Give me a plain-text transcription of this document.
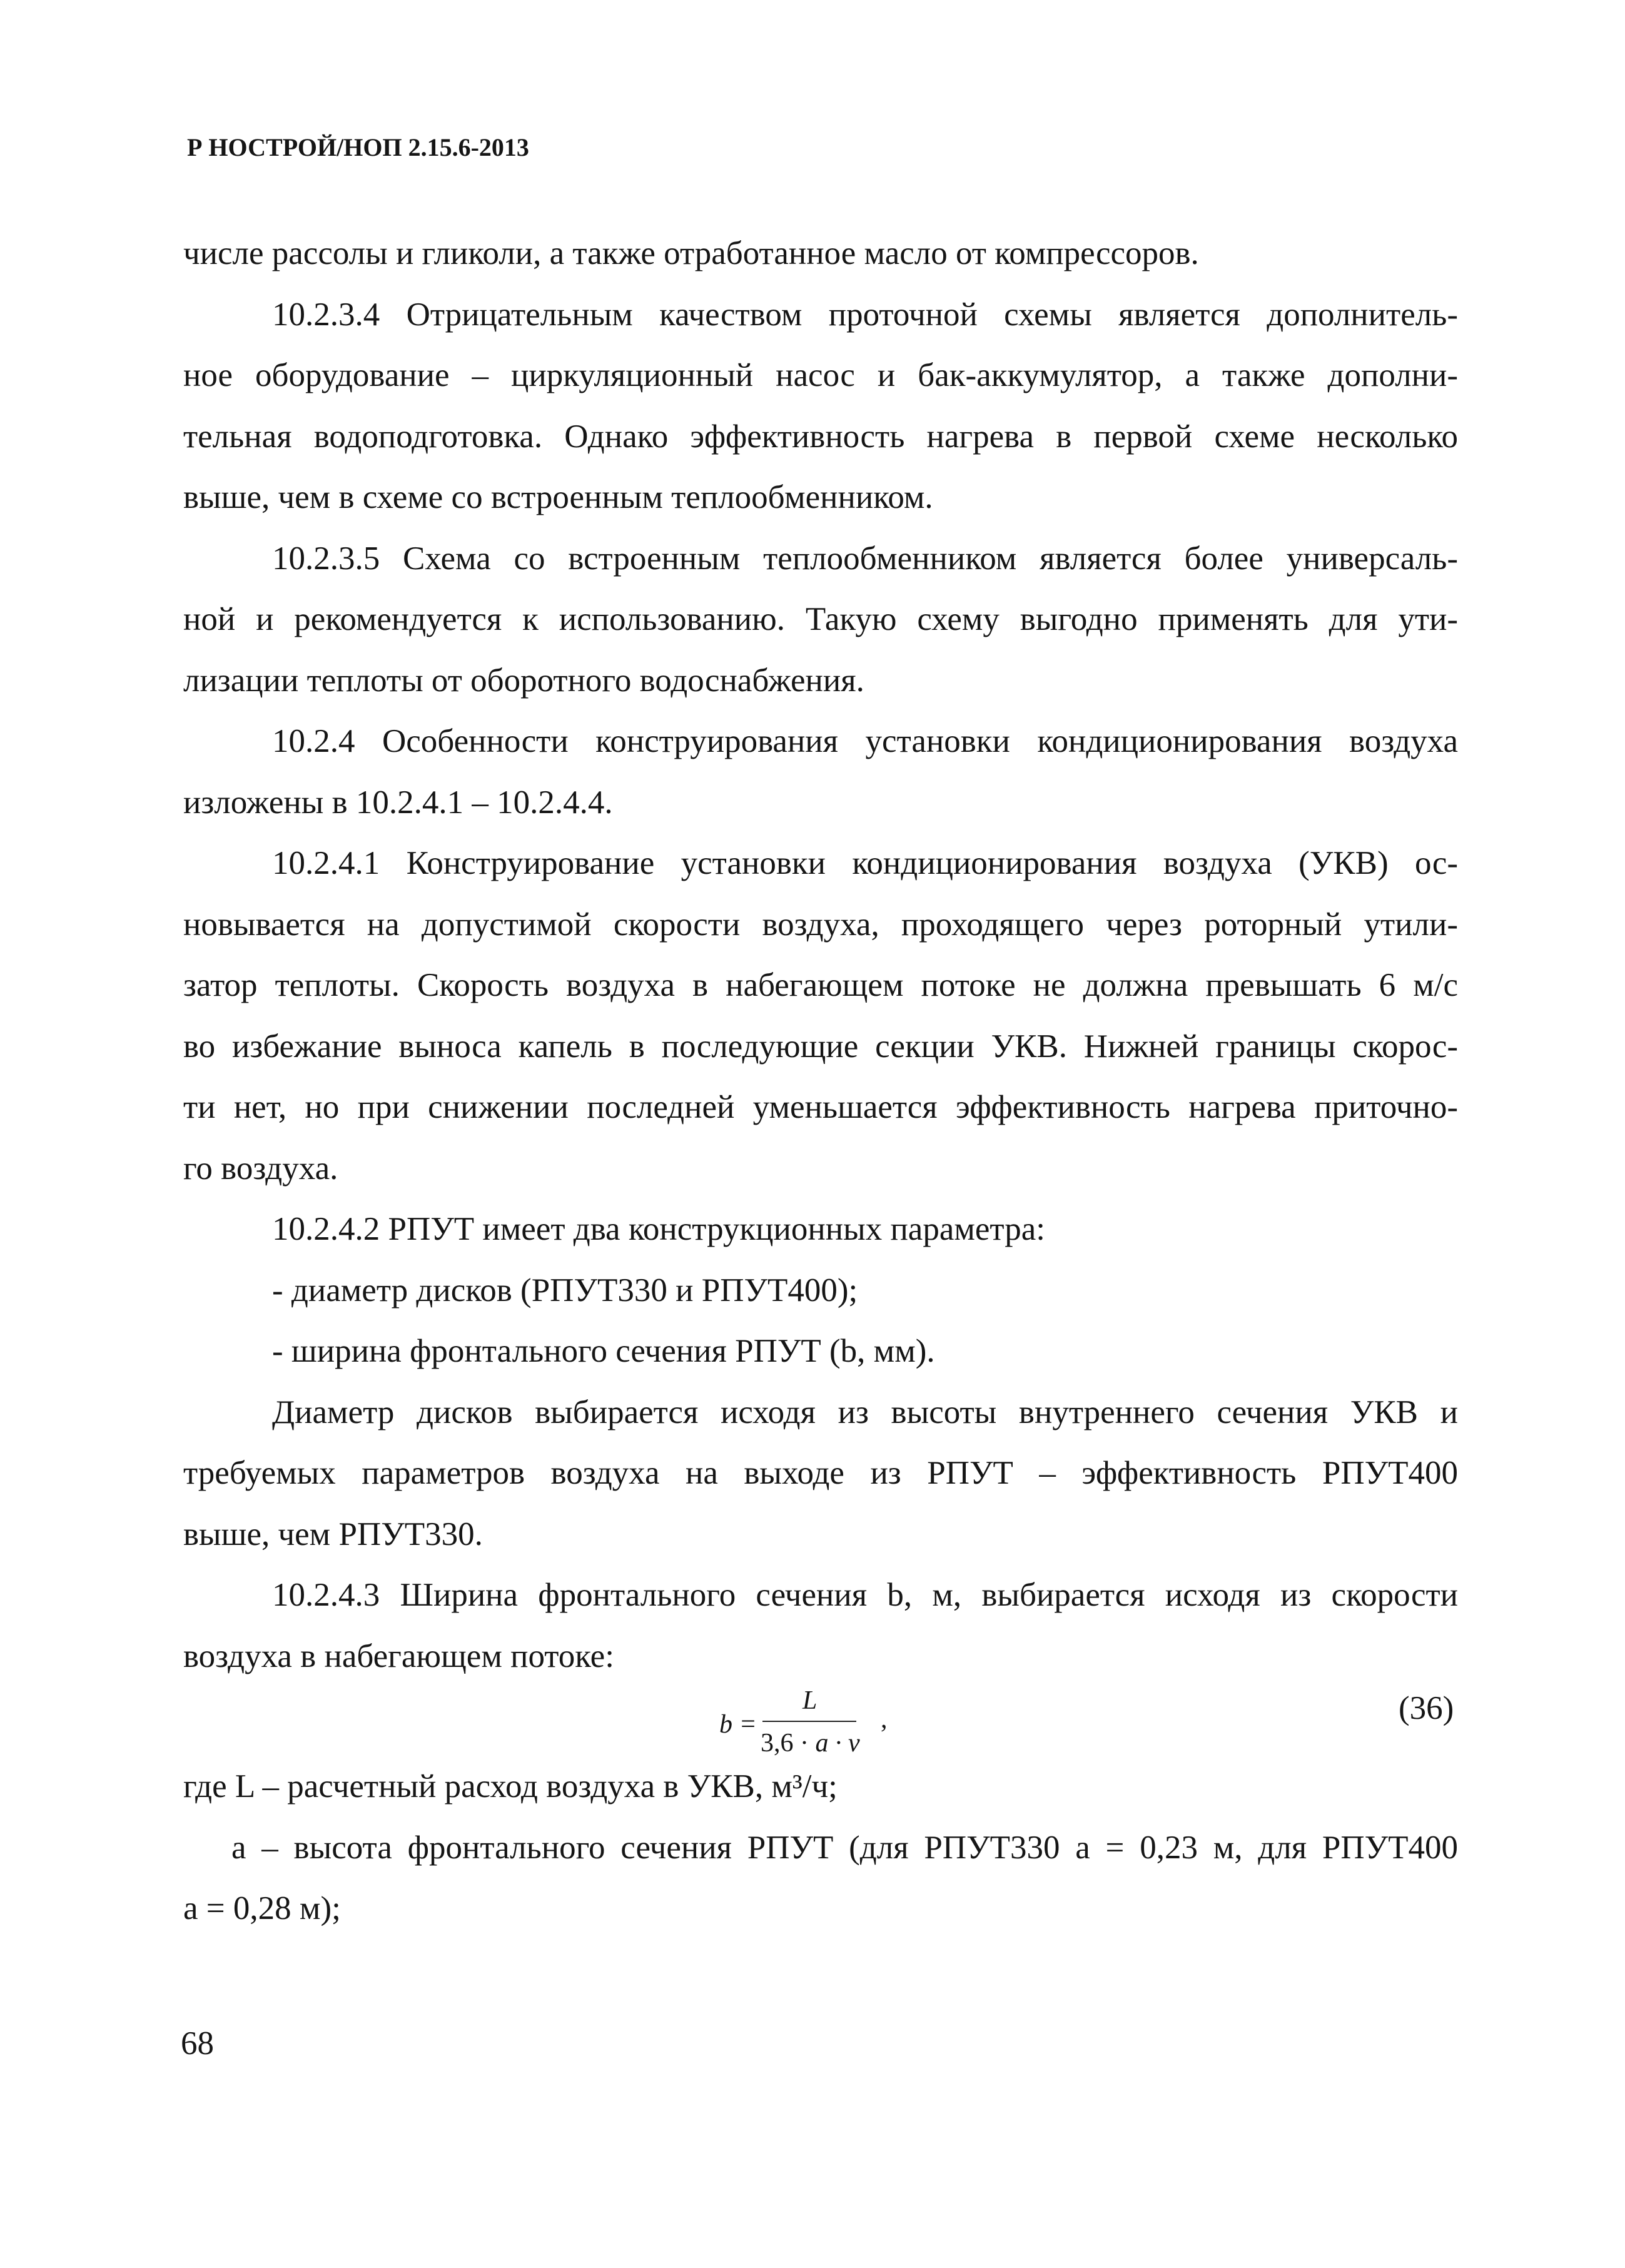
Р НОСТРОЙ/НОП 2.15.6-2013
числе рассолы и гликоли, а также отработанное масло от компрессоров.
10.2.3.4 Отрицательным качеством проточной схемы является дополнитель-
ное оборудование – циркуляционный насос и бак-аккумулятор, а также дополни-
тельная водоподготовка. Однако эффективность нагрева в первой схеме несколько
выше, чем в схеме со встроенным теплообменником.
10.2.3.5 Схема со встроенным теплообменником является более универсаль-
ной и рекомендуется к использованию. Такую схему выгодно применять для ути-
лизации теплоты от оборотного водоснабжения.
10.2.4 Особенности конструирования установки кондиционирования воздуха
изложены в 10.2.4.1 – 10.2.4.4.
10.2.4.1 Конструирование установки кондиционирования воздуха (УКВ) ос-
новывается на допустимой скорости воздуха, проходящего через роторный утили-
затор теплоты. Скорость воздуха в набегающем потоке не должна превышать 6 м/с
во избежание выноса капель в последующие секции УКВ. Нижней границы скорос-
ти нет, но при снижении последней уменьшается эффективность нагрева приточно-
го воздуха.
10.2.4.2 РПУТ имеет два конструкционных параметра:
- диаметр дисков (РПУТ330 и РПУТ400);
- ширина фронтального сечения РПУТ (b, мм).
Диаметр дисков выбирается исходя из высоты внутреннего сечения УКВ и
требуемых параметров воздуха на выходе из РПУТ – эффективность РПУТ400
выше, чем РПУТ330.
10.2.4.3 Ширина фронтального сечения b, м, выбирается исходя из скорости
воздуха в набегающем потоке:
b =
L
3,6 · a · v
,	(36)
где L – расчетный расход воздуха в УКВ, м³/ч;
a – высота фронтального сечения РПУТ (для РПУТ330 a = 0,23 м, для РПУТ400
a = 0,28 м);
68
